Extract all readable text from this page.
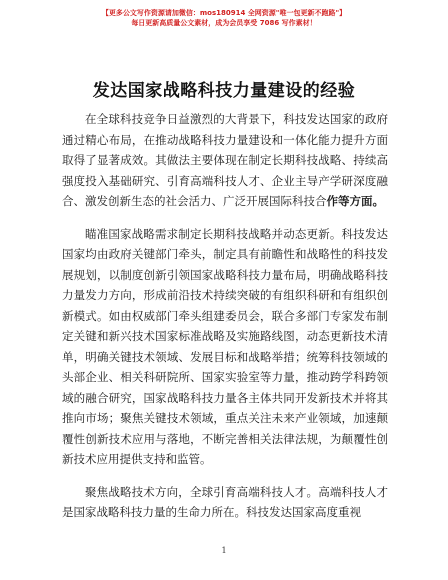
【更多公文写作资源请加微信：mos180914 全网资源"唯一包更新不跑路"】
每日更新高质量公文素材，成为会员享受 7086 写作素材！
发达国家战略科技力量建设的经验

在全球科技竞争日益激烈的大背景下，科技发达国家的政府通过精心布局，在推动战略科技力量建设和一体化能力提升方面取得了显著成效。其做法主要体现在制定长期科技战略、持续高强度投入基础研究、引育高端科技人才、企业主导产学研深度融合、激发创新生态的社会活力、广泛开展国际科技合作等方面。

瞄准国家战略需求制定长期科技战略并动态更新。科技发达国家均由政府关键部门牵头，制定具有前瞻性和战略性的科技发展规划，以制度创新引领国家战略科技力量布局，明确战略科技力量发力方向，形成前沿技术持续突破的有组织科研和有组织创新模式。如由权威部门牵头组建委员会，联合多部门专家发布制定关键和新兴技术国家标准战略及实施路线图，动态更新技术清单，明确关键技术领域、发展目标和战略举措；统筹科技领域的头部企业、相关科研院所、国家实验室等力量，推动跨学科跨领域的融合研究，国家战略科技力量各主体共同开发新技术并将其推向市场；聚焦关键技术领域，重点关注未来产业领域，加速颠覆性创新技术应用与落地，不断完善相关法律法规，为颠覆性创新技术应用提供支持和监管。

聚焦战略技术方向，全球引育高端科技人才。高端科技人才是国家战略科技力量的生命力所在。科技发达国家高度重视

1
